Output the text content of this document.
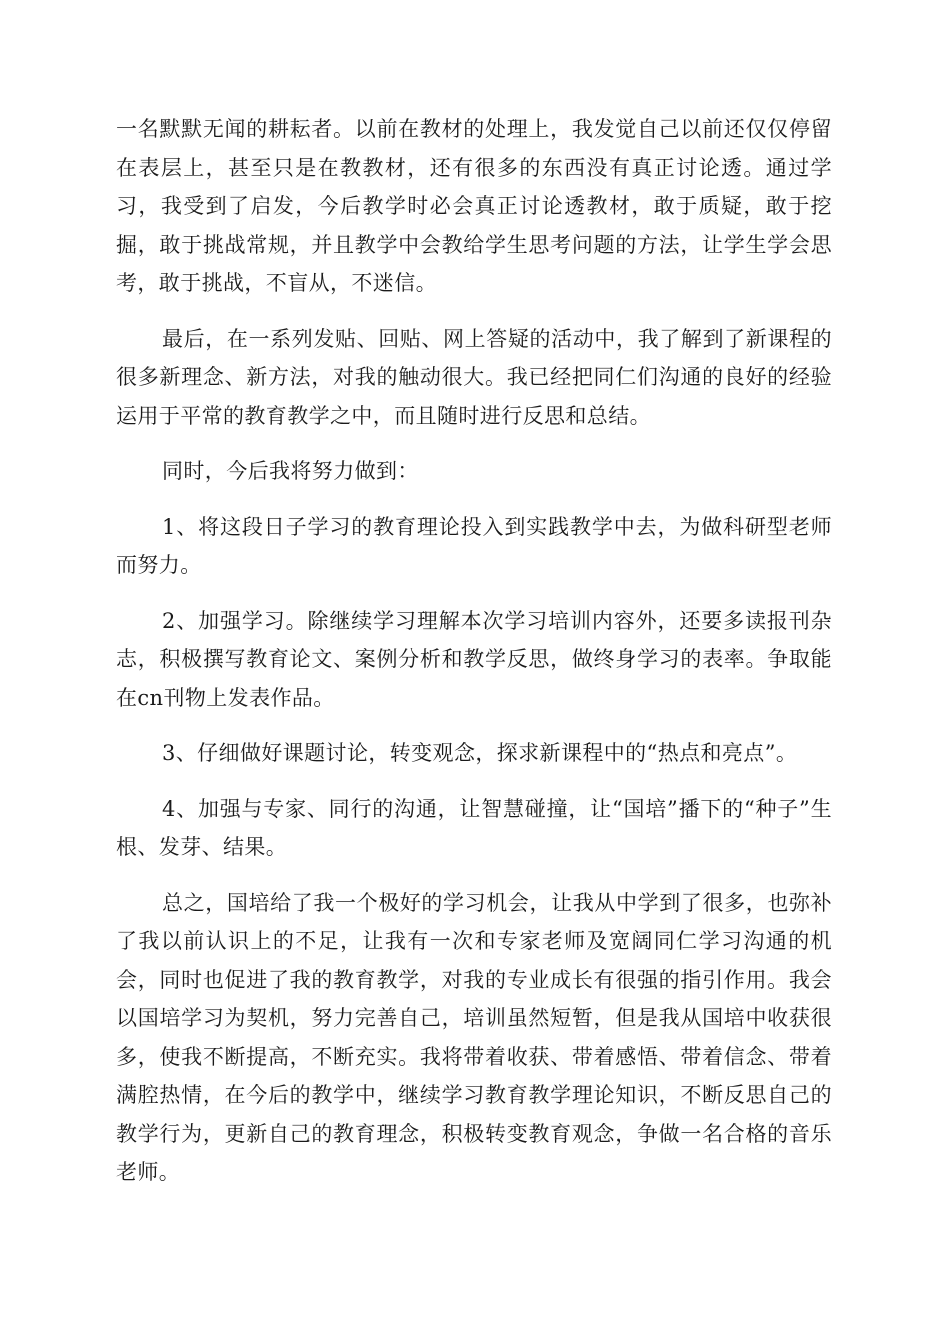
一名默默无闻的耕耘者。以前在教材的处理上，我发觉自己以前还仅仅停留在表层上，甚至只是在教教材，还有很多的东西没有真正讨论透。通过学习，我受到了启发，今后教学时必会真正讨论透教材，敢于质疑，敢于挖掘，敢于挑战常规，并且教学中会教给学生思考问题的方法，让学生学会思考，敢于挑战，不盲从，不迷信。

最后，在一系列发贴、回贴、网上答疑的活动中，我了解到了新课程的很多新理念、新方法，对我的触动很大。我已经把同仁们沟通的良好的经验运用于平常的教育教学之中，而且随时进行反思和总结。

同时，今后我将努力做到：

1、将这段日子学习的教育理论投入到实践教学中去，为做科研型老师而努力。

2、加强学习。除继续学习理解本次学习培训内容外，还要多读报刊杂志，积极撰写教育论文、案例分析和教学反思，做终身学习的表率。争取能在cn刊物上发表作品。

3、仔细做好课题讨论，转变观念，探求新课程中的“热点和亮点”。

4、加强与专家、同行的沟通，让智慧碰撞，让“国培”播下的“种子”生根、发芽、结果。

总之，国培给了我一个极好的学习机会，让我从中学到了很多，也弥补了我以前认识上的不足，让我有一次和专家老师及宽阔同仁学习沟通的机会，同时也促进了我的教育教学，对我的专业成长有很强的指引作用。我会以国培学习为契机，努力完善自己，培训虽然短暂，但是我从国培中收获很多，使我不断提高，不断充实。我将带着收获、带着感悟、带着信念、带着满腔热情，在今后的教学中，继续学习教育教学理论知识，不断反思自己的教学行为，更新自己的教育理念，积极转变教育观念，争做一名合格的音乐老师。
